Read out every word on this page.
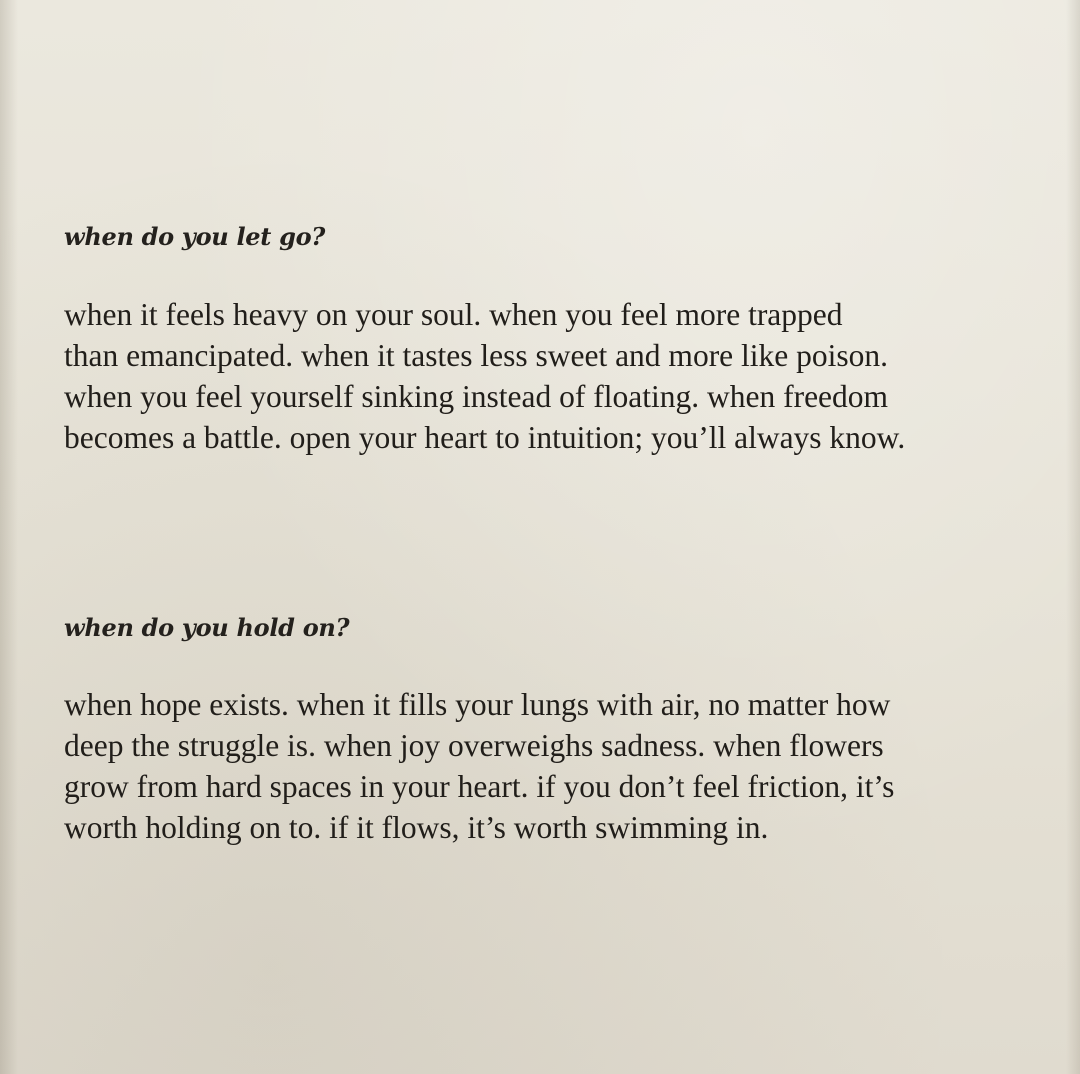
when do you let go?

when it feels heavy on your soul. when you feel more trapped
than emancipated. when it tastes less sweet and more like poison.
when you feel yourself sinking instead of floating. when freedom
becomes a battle. open your heart to intuition; you’ll always know.

when do you hold on?

when hope exists. when it fills your lungs with air, no matter how
deep the struggle is. when joy overweighs sadness. when flowers
grow from hard spaces in your heart. if you don’t feel friction, it’s
worth holding on to. if it flows, it’s worth swimming in.
